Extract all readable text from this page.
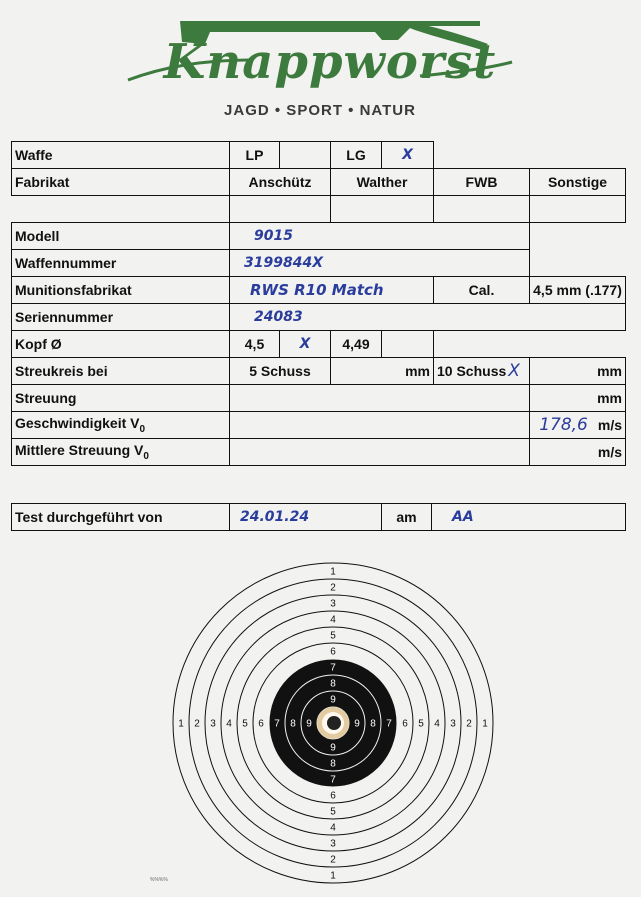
Knappworst
JAGD • SPORT • NATUR
Waffe	LP		LG	X		
Fabrikat	Anschütz		Walther		FWB	Sonstige

Modell	9015					
Waffennummer	3199844X					
Munitionsfabrikat	RWS R10 Match				Cal.	4,5 mm (.177)
Seriennummer	24083					
Kopf Ø	4,5	X	4,49			
Streukreis bei	5 Schuss		mm		10 Schuss X	mm
Streuung						mm
Geschwindigkeit $V_0$						178,6 m/s
Mittlere Streuung $V_0$						m/s
Test durchgeführt von	24.01.24	am	AA
1
1
1	1
2
2
2	2
3
3
3	3
4
4
4	4
5
5
5	5
6
6
6	6
7
7
7	7
8
8
8	8
9
9
9	9
%%%%
